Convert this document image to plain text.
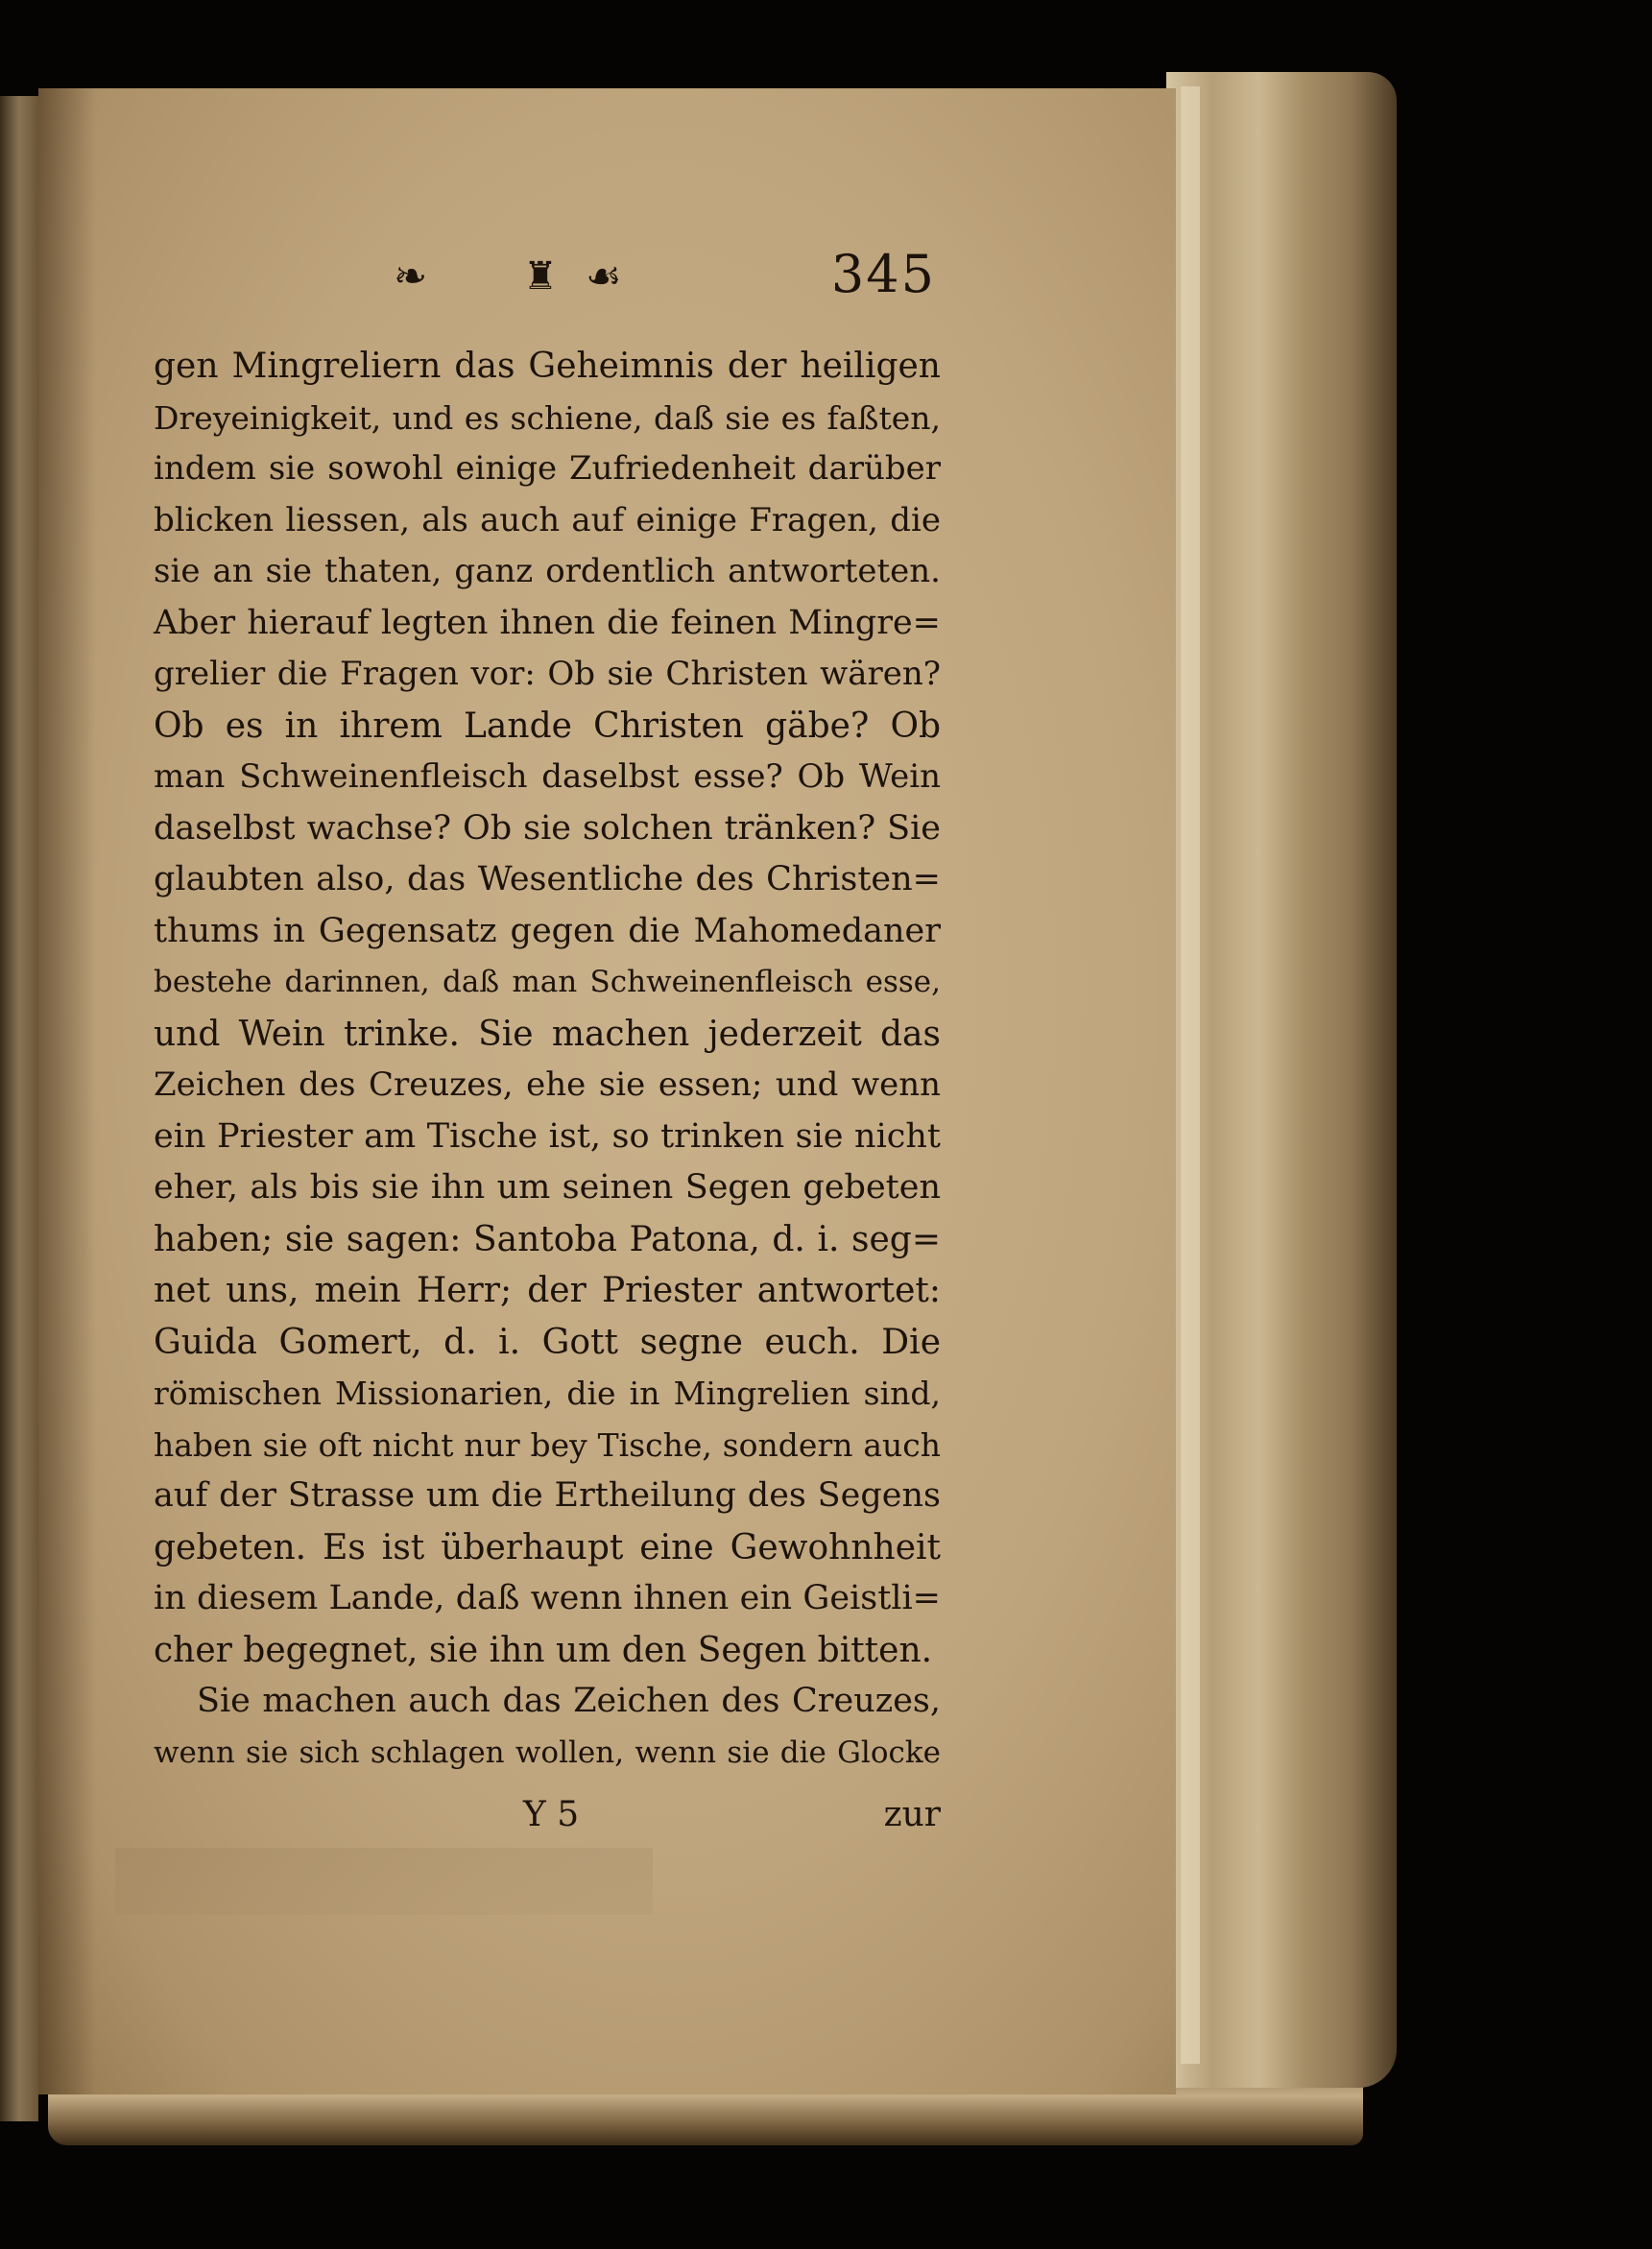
❧ ♜ ☙	345
gen Mingreliern das Geheimnis der heiligen
Dreyeinigkeit, und es schiene, daß sie es faßten,
indem sie sowohl einige Zufriedenheit darüber
blicken liessen, als auch auf einige Fragen, die
sie an sie thaten, ganz ordentlich antworteten.
Aber hierauf legten ihnen die feinen Mingre=
grelier die Fragen vor: Ob sie Christen wären?
Ob es in ihrem Lande Christen gäbe? Ob
man Schweinenfleisch daselbst esse? Ob Wein
daselbst wachse? Ob sie solchen tränken? Sie
glaubten also, das Wesentliche des Christen=
thums in Gegensatz gegen die Mahomedaner
bestehe darinnen, daß man Schweinenfleisch esse,
und Wein trinke. Sie machen jederzeit das
Zeichen des Creuzes, ehe sie essen; und wenn
ein Priester am Tische ist, so trinken sie nicht
eher, als bis sie ihn um seinen Segen gebeten
haben; sie sagen: Santoba Patona, d. i. seg=
net uns, mein Herr; der Priester antwortet:
Guida Gomert, d. i. Gott segne euch. Die
römischen Missionarien, die in Mingrelien sind,
haben sie oft nicht nur bey Tische, sondern auch
auf der Strasse um die Ertheilung des Segens
gebeten. Es ist überhaupt eine Gewohnheit
in diesem Lande, daß wenn ihnen ein Geistli=
cher begegnet, sie ihn um den Segen bitten.
Sie machen auch das Zeichen des Creuzes,
wenn sie sich schlagen wollen, wenn sie die Glocke
Y 5	zur
